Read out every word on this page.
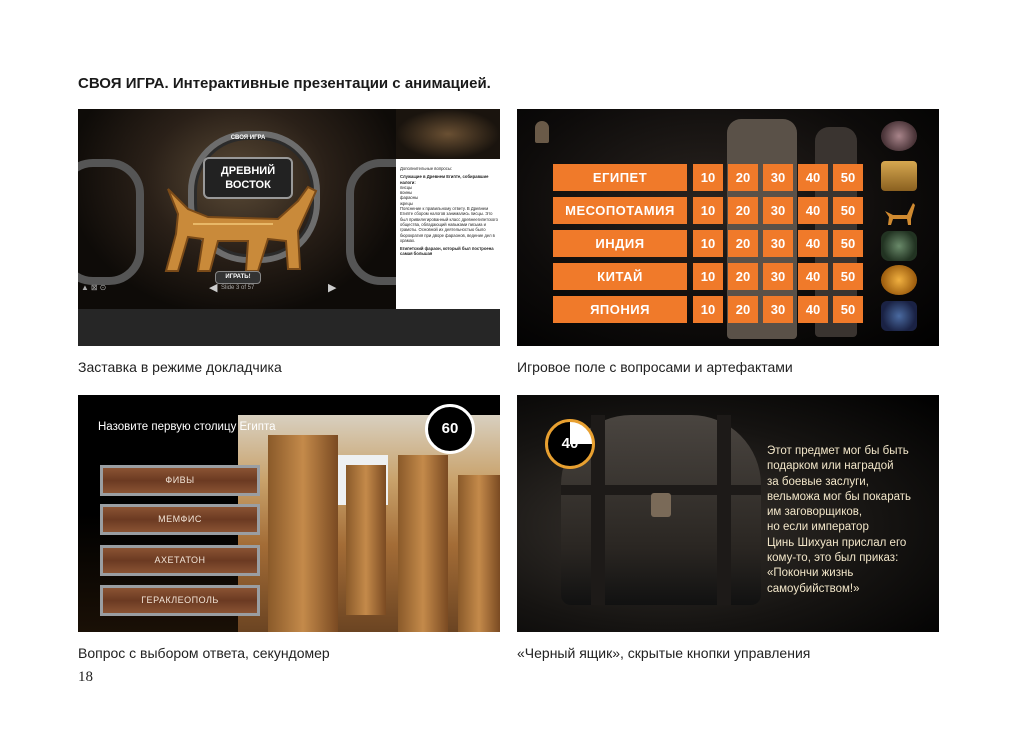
СВОЯ ИГРА. Интерактивные презентации с анимацией.
СВОЯ ИГРА
ДРЕВНИЙ ВОСТОК
ИГРАТЬ!
▲⊠⊙	◀ Slide 3 of 57	▶
Дополнительные вопросы:
Служащие в Древнем Египте, собиравшие налоги:
писцы
воины
фараоны
жрецы
Пояснение к правильному ответу. В Древнем Египте сбором налогов занимались писцы. Это был привилегированный класс древнеегипетского общества, обладающий навыками письма и грамоты. Основной их деятельностью было бюрократия при дворе фараонов, ведение дел в храмах.
Египетский фараон, который был построена самая большая
Заставка в режиме докладчика
ЕГИПЕТ	10	20	30	40	50
МЕСОПОТАМИЯ	10	20	30	40	50
ИНДИЯ	10	20	30	40	50
КИТАЙ	10	20	30	40	50
ЯПОНИЯ	10	20	30	40	50
Игровое поле с вопросами и артефактами
Назовите первую столицу Египта	60
ФИВЫ
МЕМФИС
АХЕТАТОН
ГЕРАКЛЕОПОЛЬ
Вопрос с выбором ответа, секундомер
40	Этот предмет мог бы быть
подарком или наградой
за боевые заслуги,
вельможа мог бы покарать
им заговорщиков,
но если император
Цинь Шихуан прислал его
кому-то, это был приказ:
«Покончи жизнь
самоубийством!»
«Черный ящик», скрытые кнопки управления
18
